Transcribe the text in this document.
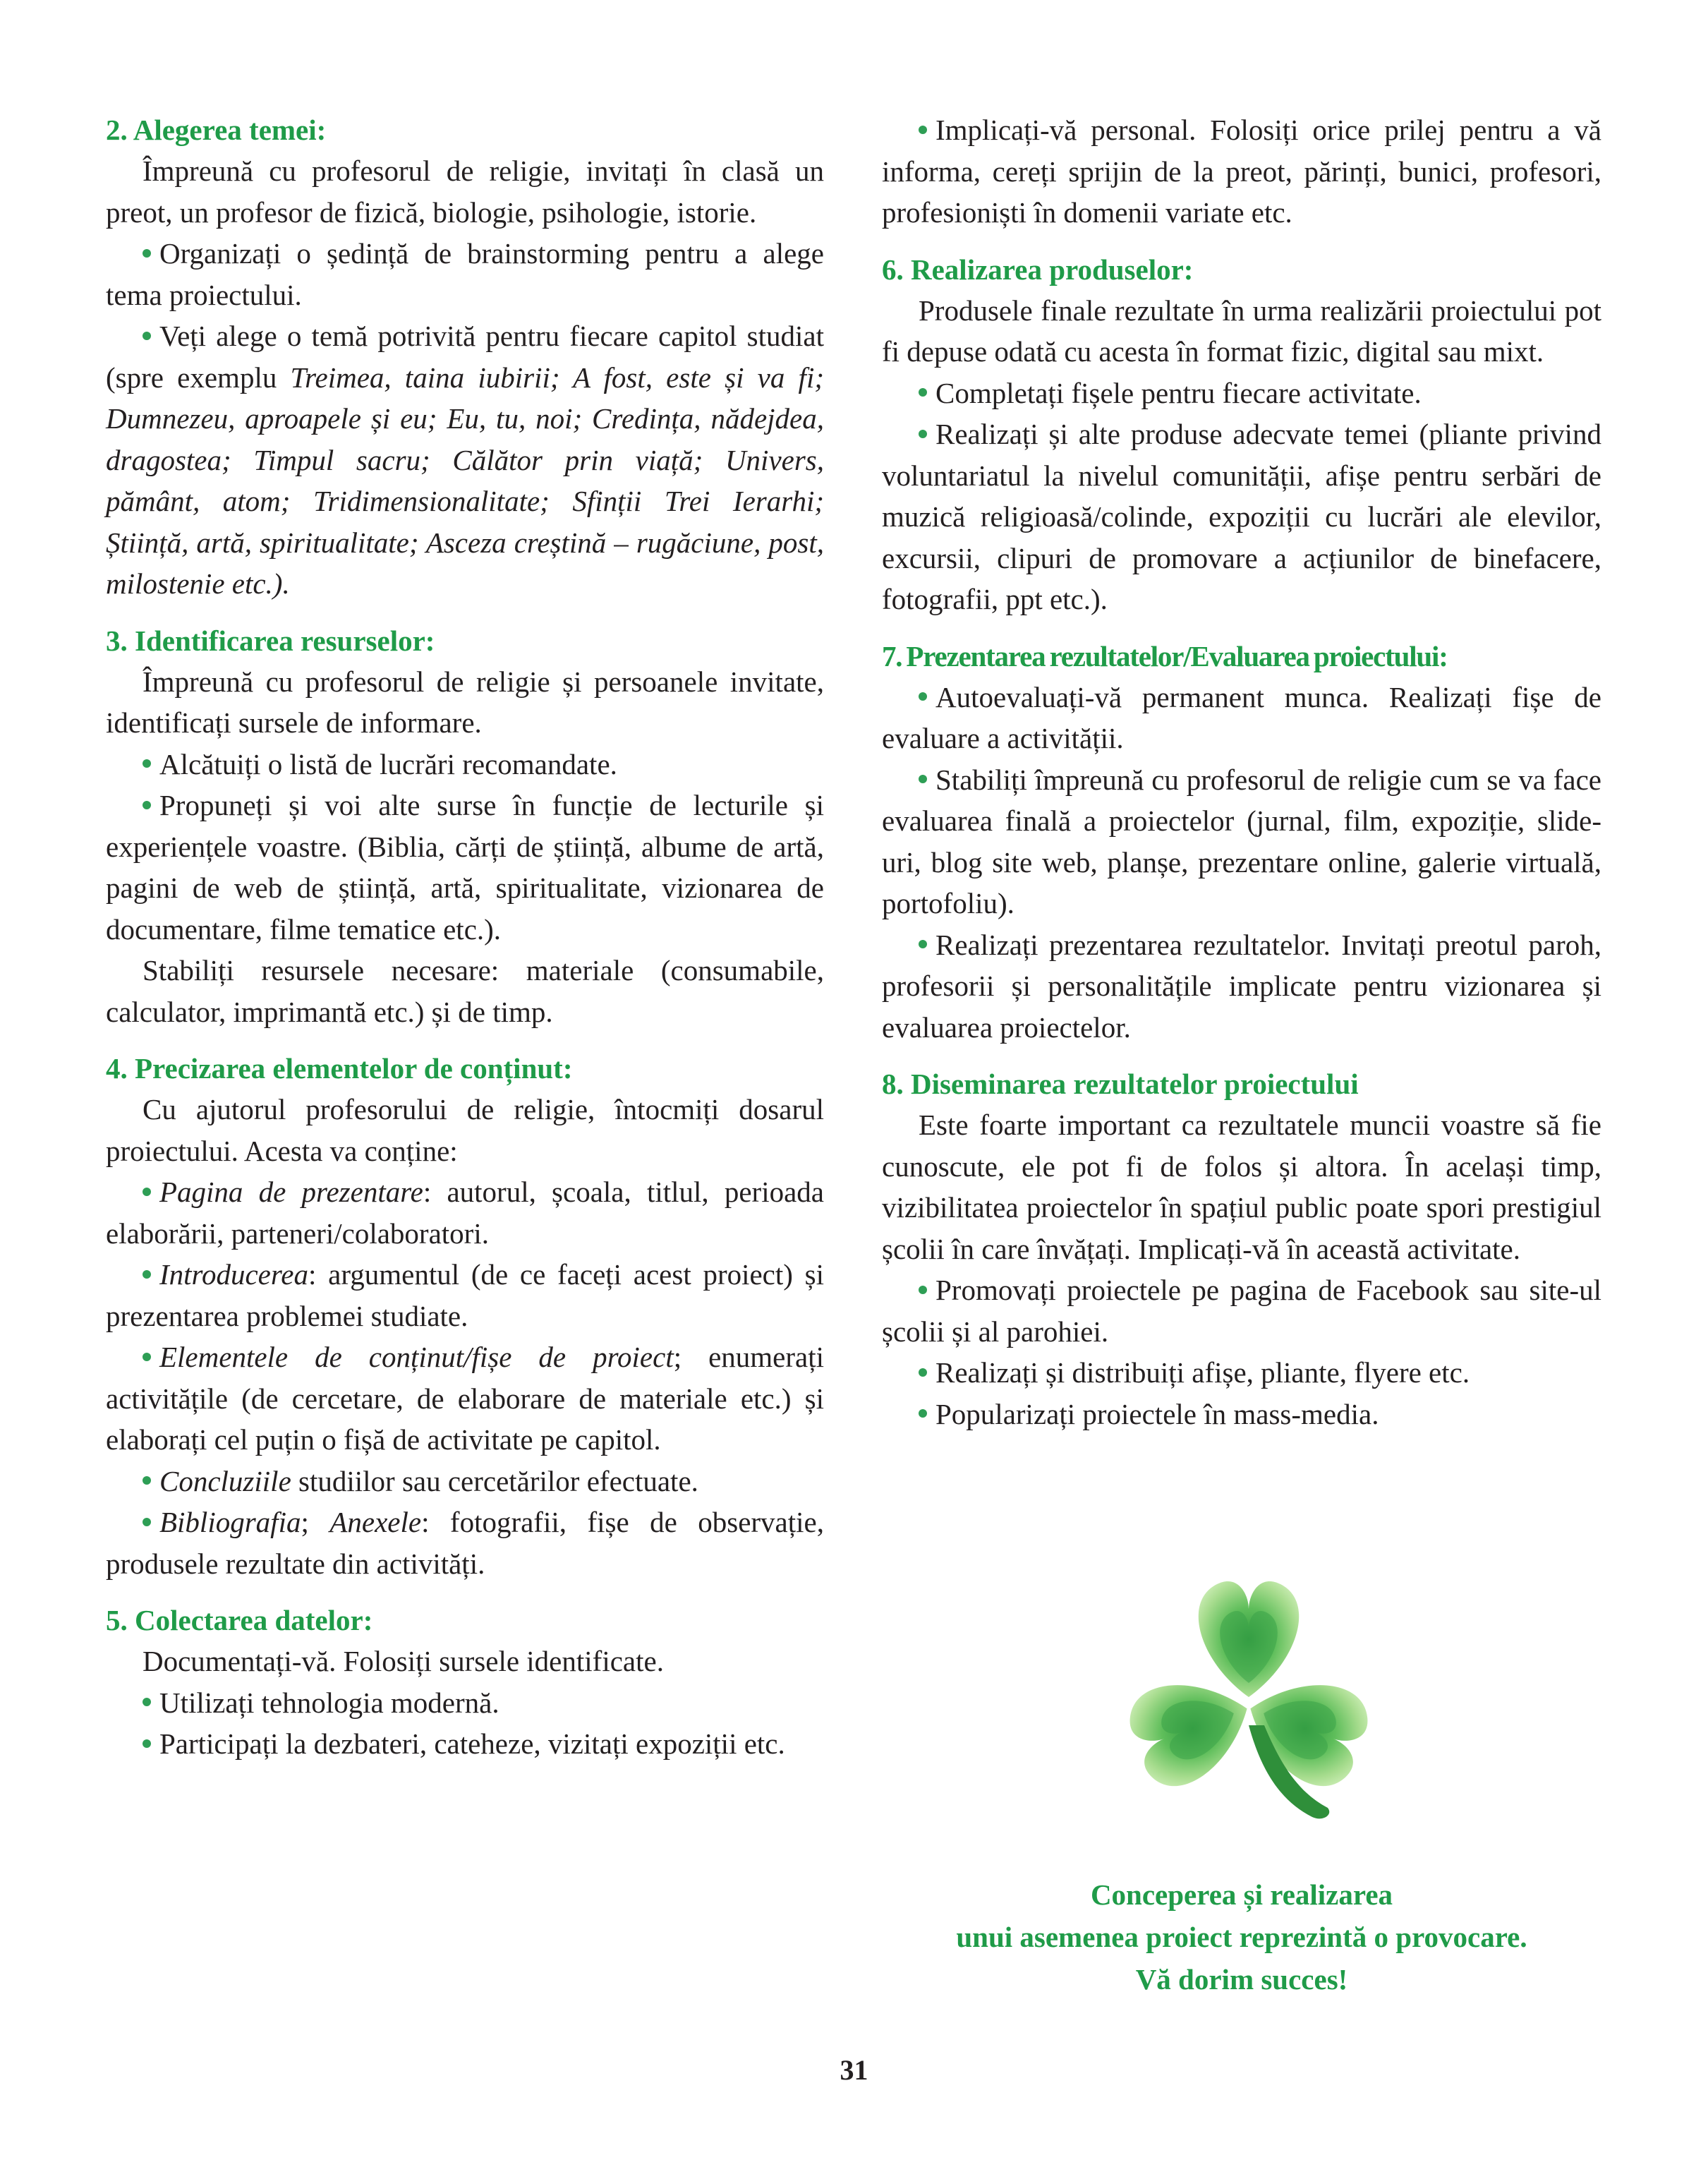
2. Alegerea temei:

Împreună cu profesorul de religie, invitați în clasă un preot, un profesor de fizică, biologie, psihologie, istorie.

Organizați o ședință de brainstorming pentru a alege tema proiectului.

Veți alege o temă potrivită pentru fiecare capitol studiat (spre exemplu Treimea, taina iubirii; A fost, este și va fi; Dumnezeu, aproapele și eu; Eu, tu, noi; Credința, nădejdea, dragostea; Timpul sacru; Călător prin viață; Univers, pământ, atom; Tridimensionalitate; Sfinții Trei Ierarhi; Știință, artă, spiritualitate; Asceza creștină – rugăciune, post, milostenie etc.).

3. Identificarea resurselor:

Împreună cu profesorul de religie și persoanele invitate, identificați sursele de informare.

Alcătuiți o listă de lucrări recomandate.

Propuneți și voi alte surse în funcție de lecturile și experiențele voastre. (Biblia, cărți de știință, albume de artă, pagini de web de știință, artă, spiritualitate, vizionarea de documentare, filme tematice etc.).

Stabiliți resursele necesare: materiale (consumabile, calculator, imprimantă etc.) și de timp.

4. Precizarea elementelor de conținut:

Cu ajutorul profesorului de religie, întocmiți dosarul proiectului. Acesta va conține:

Pagina de prezentare: autorul, școala, titlul, perioada elaborării, parteneri/colaboratori.

Introducerea: argumentul (de ce faceți acest proiect) și prezentarea problemei studiate.

Elementele de conținut/fișe de proiect; enumerați activitățile (de cercetare, de elaborare de materiale etc.) și elaborați cel puțin o fișă de activitate pe capitol.

Concluziile studiilor sau cercetărilor efectuate.

Bibliografia; Anexele: fotografii, fișe de observație, produsele rezultate din activități.

5. Colectarea datelor:

Documentați-vă. Folosiți sursele identificate.

Utilizați tehnologia modernă.

Participați la dezbateri, cateheze, vizitați expoziții etc.

Implicați-vă personal. Folosiți orice prilej pentru a vă informa, cereți sprijin de la preot, părinți, bunici, profesori, profesioniști în domenii variate etc.

6. Realizarea produselor:

Produsele finale rezultate în urma realizării proiectului pot fi depuse odată cu acesta în format fizic, digital sau mixt.

Completați fișele pentru fiecare activitate.

Realizați și alte produse adecvate temei (pliante privind voluntariatul la nivelul comunității, afișe pentru serbări de muzică religioasă/colinde, expoziții cu lucrări ale elevilor, excursii, clipuri de promovare a acțiunilor de binefacere, fotografii, ppt etc.).

7. Prezentarea rezultatelor/Evaluarea proiectului:

Autoevaluați-vă permanent munca. Realizați fișe de evaluare a activității.

Stabiliți împreună cu profesorul de religie cum se va face evaluarea finală a proiectelor (jurnal, film, expoziție, slide-uri, blog site web, planșe, prezentare online, galerie virtuală, portofoliu).

Realizați prezentarea rezultatelor. Invitați preotul paroh, profesorii și personalitățile implicate pentru vizionarea și evaluarea proiectelor.

8. Diseminarea rezultatelor proiectului

Este foarte important ca rezultatele muncii voastre să fie cunoscute, ele pot fi de folos și altora. În același timp, vizibilitatea proiectelor în spațiul public poate spori prestigiul școlii în care învățați. Implicați-vă în această activitate.

Promovați proiectele pe pagina de Facebook sau site-ul școlii și al parohiei.

Realizați și distribuiți afișe, pliante, flyere etc.

Popularizați proiectele în mass-media.

Conceperea și realizarea
unui asemenea proiect reprezintă o provocare.
Vă dorim succes!
31
